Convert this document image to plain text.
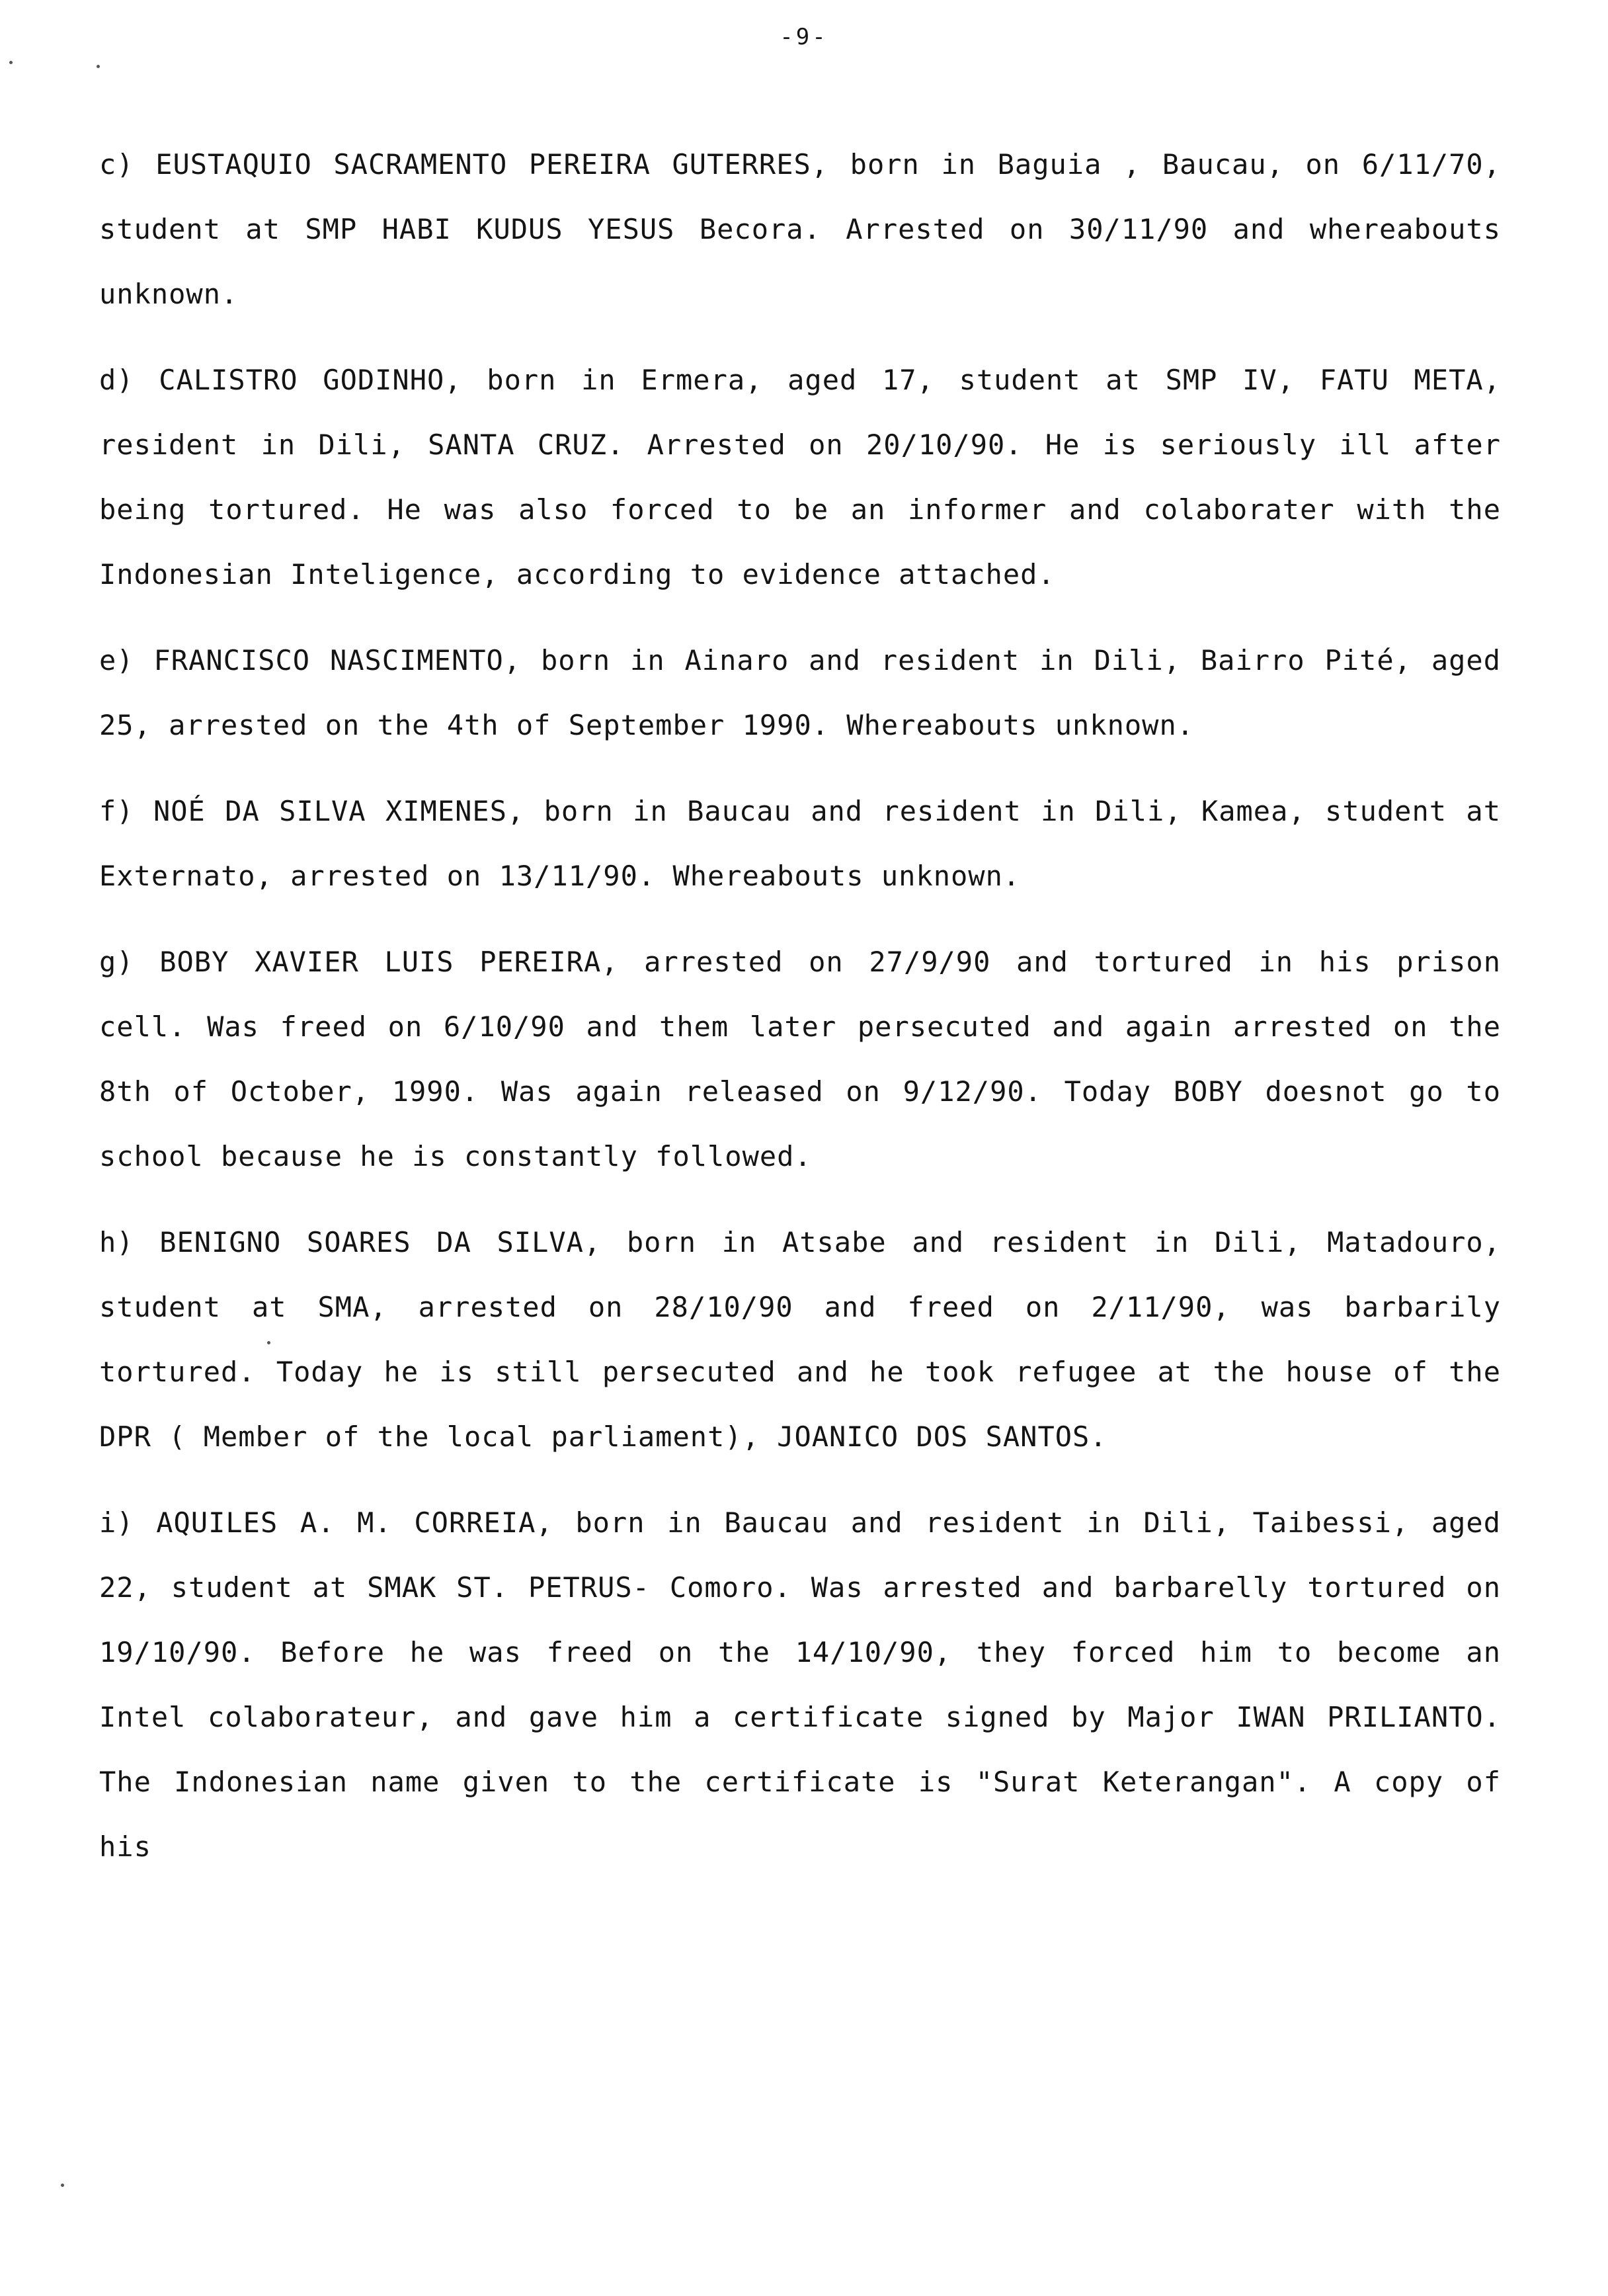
-9-

c) EUSTAQUIO SACRAMENTO PEREIRA GUTERRES, born in Baguia , Baucau, on 6/11/70, student at SMP HABI KUDUS YESUS Becora. Arrested on 30/11/90 and whereabouts unknown.

d) CALISTRO GODINHO, born in Ermera, aged 17, student at SMP IV, FATU META, resident in Dili, SANTA CRUZ. Arrested on 20/10/90. He is seriously ill after being tortured. He was also forced to be an informer and colaborater with the Indonesian Inteligence, according to evidence attached.

e) FRANCISCO NASCIMENTO, born in Ainaro and resident in Dili, Bairro Pité, aged 25, arrested on the 4th of September 1990. Whereabouts unknown.

f) NOÉ DA SILVA XIMENES, born in Baucau and resident in Dili, Kamea, student at Externato, arrested on 13/11/90. Whereabouts unknown.

g) BOBY XAVIER LUIS PEREIRA, arrested on 27/9/90 and tortured in his prison cell. Was freed on 6/10/90 and them later persecuted and again arrested on the 8th of October, 1990. Was again released on 9/12/90. Today BOBY doesnot go to school because he is constantly followed.

h) BENIGNO SOARES DA SILVA, born in Atsabe and resident in Dili, Matadouro, student at SMA, arrested on 28/10/90 and freed on 2/11/90, was barbarily tortured. Today he is still persecuted and he took refugee at the house of the DPR ( Member of the local parliament), JOANICO DOS SANTOS.

i) AQUILES A. M. CORREIA, born in Baucau and resident in Dili, Taibessi, aged 22, student at SMAK ST. PETRUS- Comoro. Was arrested and barbarelly tortured on 19/10/90. Before he was freed on the 14/10/90, they forced him to become an Intel colaborateur, and gave him a certificate signed by Major IWAN PRILIANTO. The Indonesian name given to the certificate is "Surat Keterangan". A copy of his
